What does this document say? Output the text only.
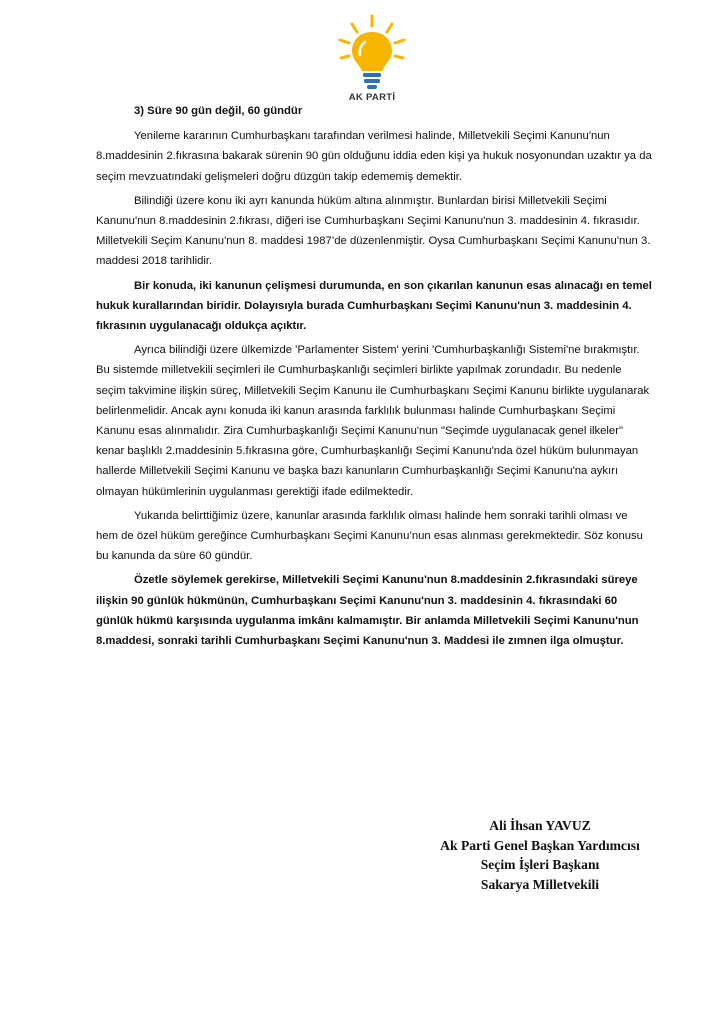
AK PARTİ

3) Süre 90 gün değil, 60 gündür

Yenileme kararının Cumhurbaşkanı tarafından verilmesi halinde, Milletvekili Seçimi Kanunu'nun 8.maddesinin 2.fıkrasına bakarak sürenin 90 gün olduğunu iddia eden kişi ya hukuk nosyonundan uzaktır ya da seçim mevzuatındaki gelişmeleri doğru düzgün takip edememiş demektir.

Bilindiği üzere konu iki ayrı kanunda hüküm altına alınmıştır. Bunlardan birisi Milletvekili Seçimi Kanunu'nun 8.maddesinin 2.fıkrası, diğeri ise Cumhurbaşkanı Seçimi Kanunu'nun 3. maddesinin 4. fıkrasıdır. Milletvekili Seçim Kanunu'nun 8. maddesi 1987’de düzenlenmiştir. Oysa Cumhurbaşkanı Seçimi Kanunu'nun 3. maddesi 2018 tarihlidir.

Bir konuda, iki kanunun çelişmesi durumunda, en son çıkarılan kanunun esas alınacağı en temel hukuk kurallarından biridir. Dolayısıyla burada Cumhurbaşkanı Seçimi Kanunu'nun 3. maddesinin 4. fıkrasının uygulanacağı oldukça açıktır.

Ayrıca bilindiği üzere ülkemizde 'Parlamenter Sistem' yerini 'Cumhurbaşkanlığı Sistemi'ne bırakmıştır. Bu sistemde milletvekili seçimleri ile Cumhurbaşkanlığı seçimleri birlikte yapılmak zorundadır. Bu nedenle seçim takvimine ilişkin süreç, Milletvekili Seçim Kanunu ile Cumhurbaşkanı Seçimi Kanunu birlikte uygulanarak belirlenmelidir. Ancak aynı konuda iki kanun arasında farklılık bulunması halinde Cumhurbaşkanı Seçimi Kanunu esas alınmalıdır. Zira Cumhurbaşkanlığı Seçimi Kanunu'nun "Seçimde uygulanacak genel ilkeler" kenar başlıklı 2.maddesinin 5.fıkrasına göre, Cumhurbaşkanlığı Seçimi Kanunu'nda özel hüküm bulunmayan hallerde Milletvekili Seçimi Kanunu ve başka bazı kanunların Cumhurbaşkanlığı Seçimi Kanunu'na aykırı olmayan hükümlerinin uygulanması gerektiği ifade edilmektedir.

Yukarıda belirttiğimiz üzere, kanunlar arasında farklılık olması halinde hem sonraki tarihli olması ve hem de özel hüküm gereğince Cumhurbaşkanı Seçimi Kanunu’nun esas alınması gerekmektedir. Söz konusu bu kanunda da süre 60 gündür.

Özetle söylemek gerekirse, Milletvekili Seçimi Kanunu'nun 8.maddesinin 2.fıkrasındaki süreye ilişkin 90 günlük hükmünün, Cumhurbaşkanı Seçimi Kanunu'nun 3. maddesinin 4. fıkrasındaki 60 günlük hükmü karşısında uygulanma imkânı kalmamıştır. Bir anlamda Milletvekili Seçimi Kanunu'nun 8.maddesi, sonraki tarihli Cumhurbaşkanı Seçimi Kanunu'nun 3. Maddesi ile zımnen ilga olmuştur.

Ali İhsan YAVUZ
Ak Parti Genel Başkan Yardımcısı
Seçim İşleri Başkanı
Sakarya Milletvekili
